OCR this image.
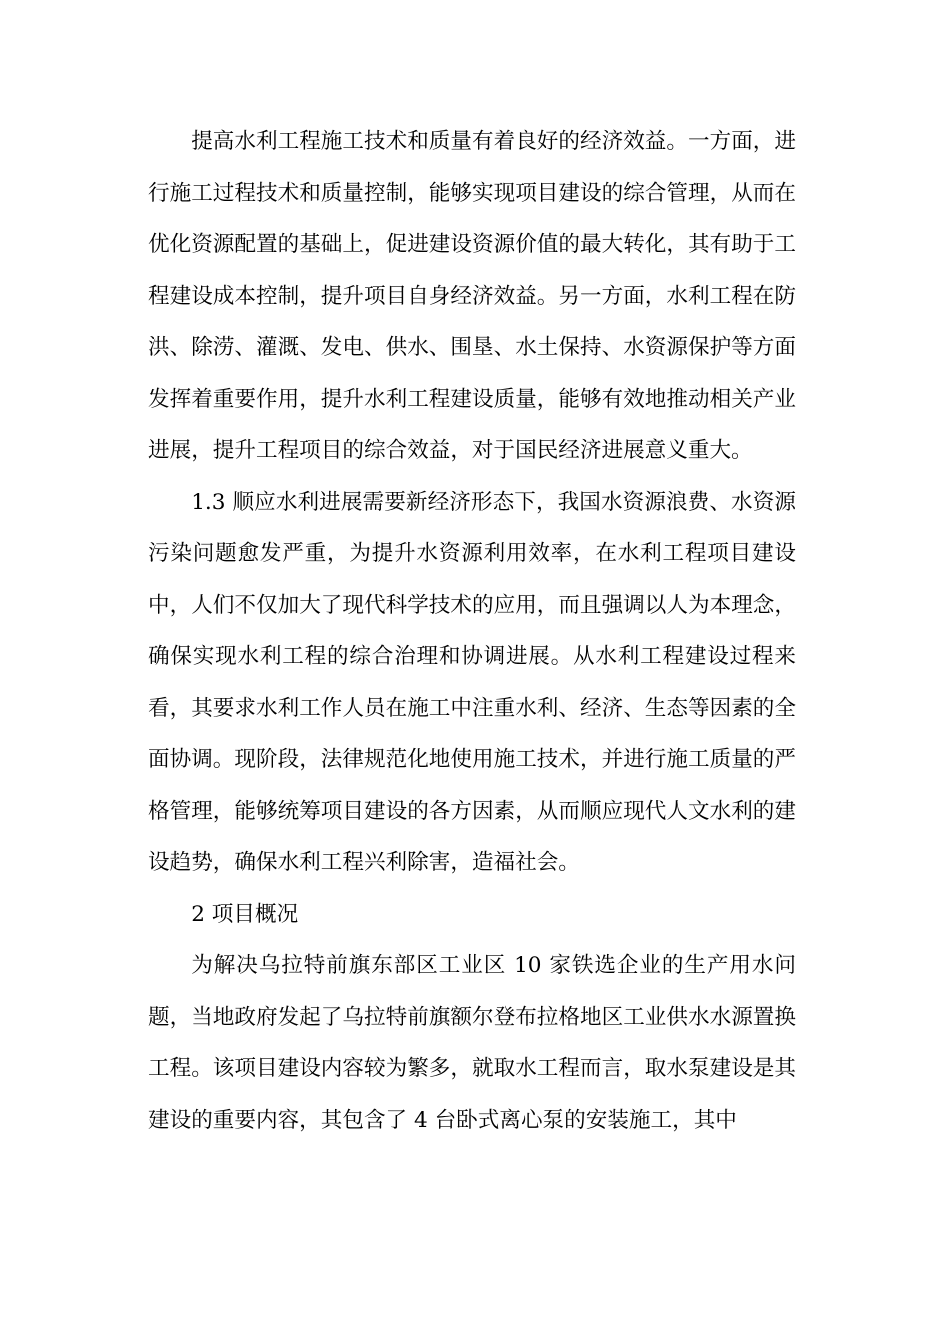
提高水利工程施工技术和质量有着良好的经济效益。一方面，进行施工过程技术和质量控制，能够实现项目建设的综合管理，从而在优化资源配置的基础上，促进建设资源价值的最大转化，其有助于工程建设成本控制，提升项目自身经济效益。另一方面，水利工程在防洪、除涝、灌溉、发电、供水、围垦、水土保持、水资源保护等方面发挥着重要作用，提升水利工程建设质量，能够有效地推动相关产业进展，提升工程项目的综合效益，对于国民经济进展意义重大。

1.3 顺应水利进展需要新经济形态下，我国水资源浪费、水资源污染问题愈发严重，为提升水资源利用效率，在水利工程项目建设中，人们不仅加大了现代科学技术的应用，而且强调以人为本理念，确保实现水利工程的综合治理和协调进展。从水利工程建设过程来看，其要求水利工作人员在施工中注重水利、经济、生态等因素的全面协调。现阶段，法律规范化地使用施工技术，并进行施工质量的严格管理，能够统筹项目建设的各方因素，从而顺应现代人文水利的建设趋势，确保水利工程兴利除害，造福社会。

2 项目概况

为解决乌拉特前旗东部区工业区 10 家铁选企业的生产用水问题，当地政府发起了乌拉特前旗额尔登布拉格地区工业供水水源置换工程。该项目建设内容较为繁多，就取水工程而言，取水泵建设是其建设的重要内容，其包含了 4 台卧式离心泵的安装施工，其中
